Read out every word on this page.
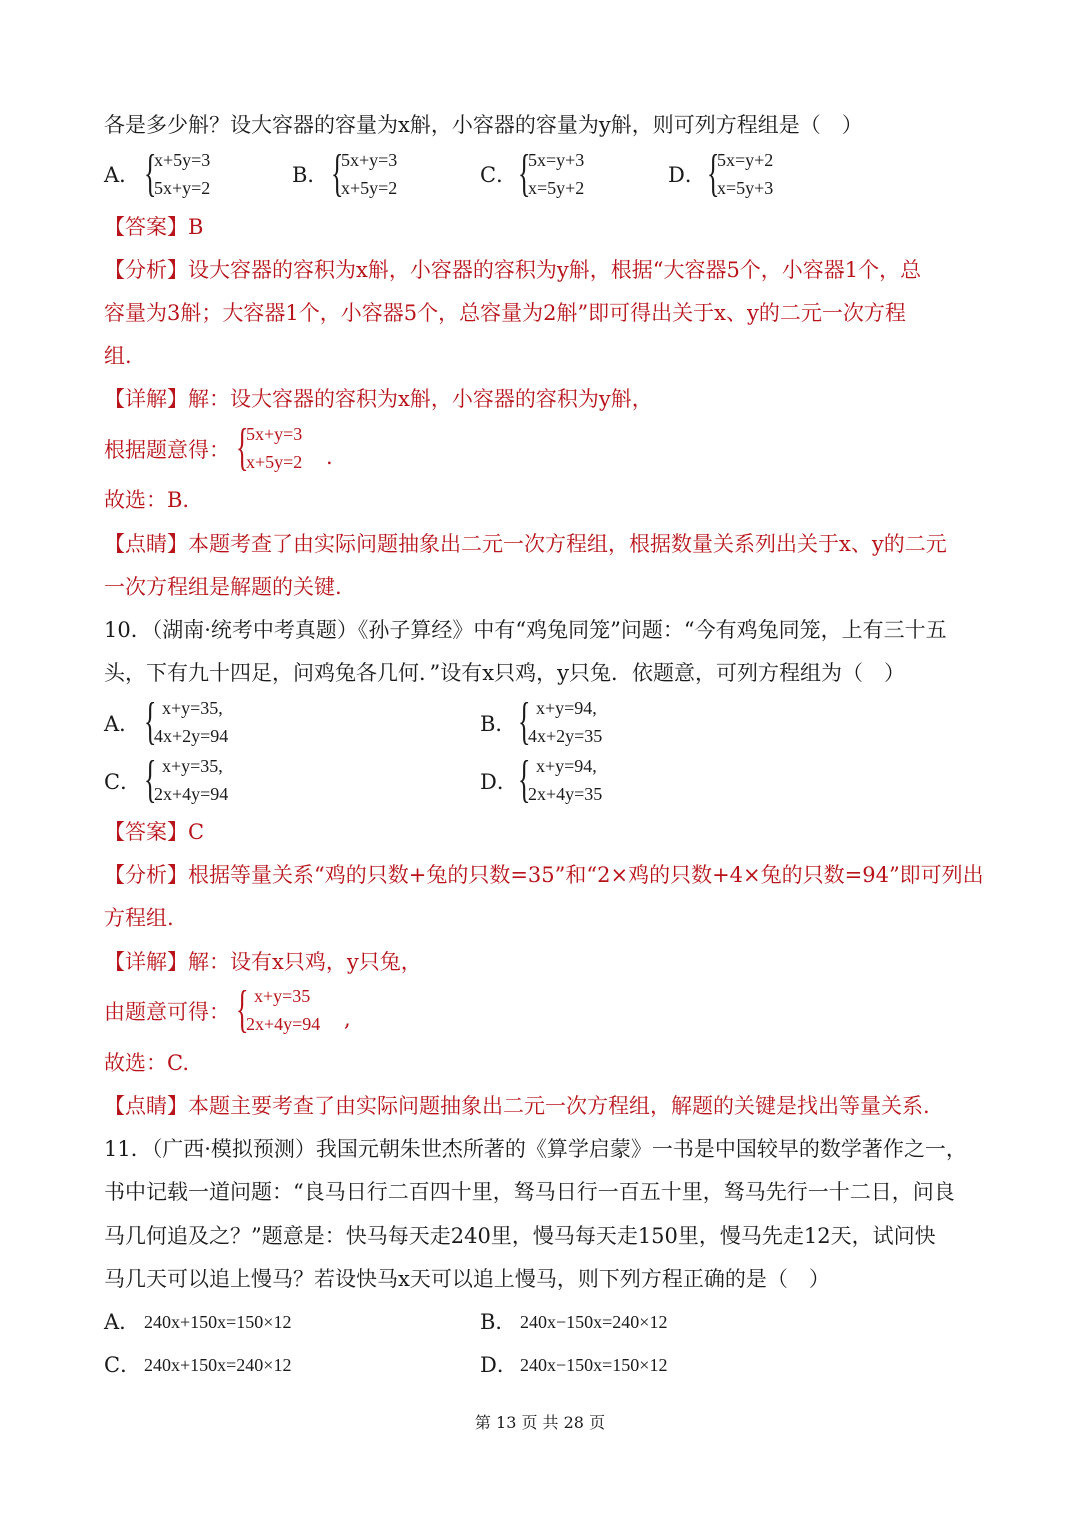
各是多少斛？设大容器的容量为x斛，小容器的容量为y斛，则可列方程组是（　）
A． {
x+5y=3
5x+y=2
B． {
5x+y=3
x+5y=2
C． {
5x=y+3
x=5y+2
D． {
5x=y+2
x=5y+3
【答案】B
【分析】设大容器的容积为x斛，小容器的容积为y斛，根据“大容器5个，小容器1个，总
容量为3斛；大容器1个，小容器5个，总容量为2斛”即可得出关于x、y的二元一次方程
组.
【详解】解：设大容器的容积为x斛，小容器的容积为y斛，
根据题意得： {
5x+y=3
x+5y=2 .
故选：B.
【点睛】本题考查了由实际问题抽象出二元一次方程组，根据数量关系列出关于x、y的二元
一次方程组是解题的关键.
10．（湖南·统考中考真题）《孙子算经》中有“鸡兔同笼”问题：“今有鸡兔同笼，上有三十五
头，下有九十四足，问鸡兔各几何．”设有x只鸡，y只兔．依题意，可列方程组为（　）
A． { x+y=35,
4x+2y=94	B． { x+y=94,
4x+2y=35
C． { x+y=35,
2x+4y=94	D． { x+y=94,
2x+4y=35
【答案】C
【分析】根据等量关系“鸡的只数+兔的只数=35”和“2×鸡的只数+4×兔的只数=94”即可列出
方程组.
【详解】解：设有x只鸡，y只兔，
由题意可得： { x+y=35
2x+4y=94 ,
故选：C.
【点睛】本题主要考查了由实际问题抽象出二元一次方程组，解题的关键是找出等量关系.
11．（广西·模拟预测）我国元朝朱世杰所著的《算学启蒙》一书是中国较早的数学著作之一，
书中记载一道问题：“良马日行二百四十里，驽马日行一百五十里，驽马先行一十二日，问良
马几何追及之？”题意是：快马每天走240里，慢马每天走150里，慢马先走12天，试问快
马几天可以追上慢马？若设快马x天可以追上慢马，则下列方程正确的是（　）
A． 240x+150x=150×12	B． 240x−150x=240×12
C． 240x+150x=240×12	D． 240x−150x=150×12
第 13 页 共 28 页
